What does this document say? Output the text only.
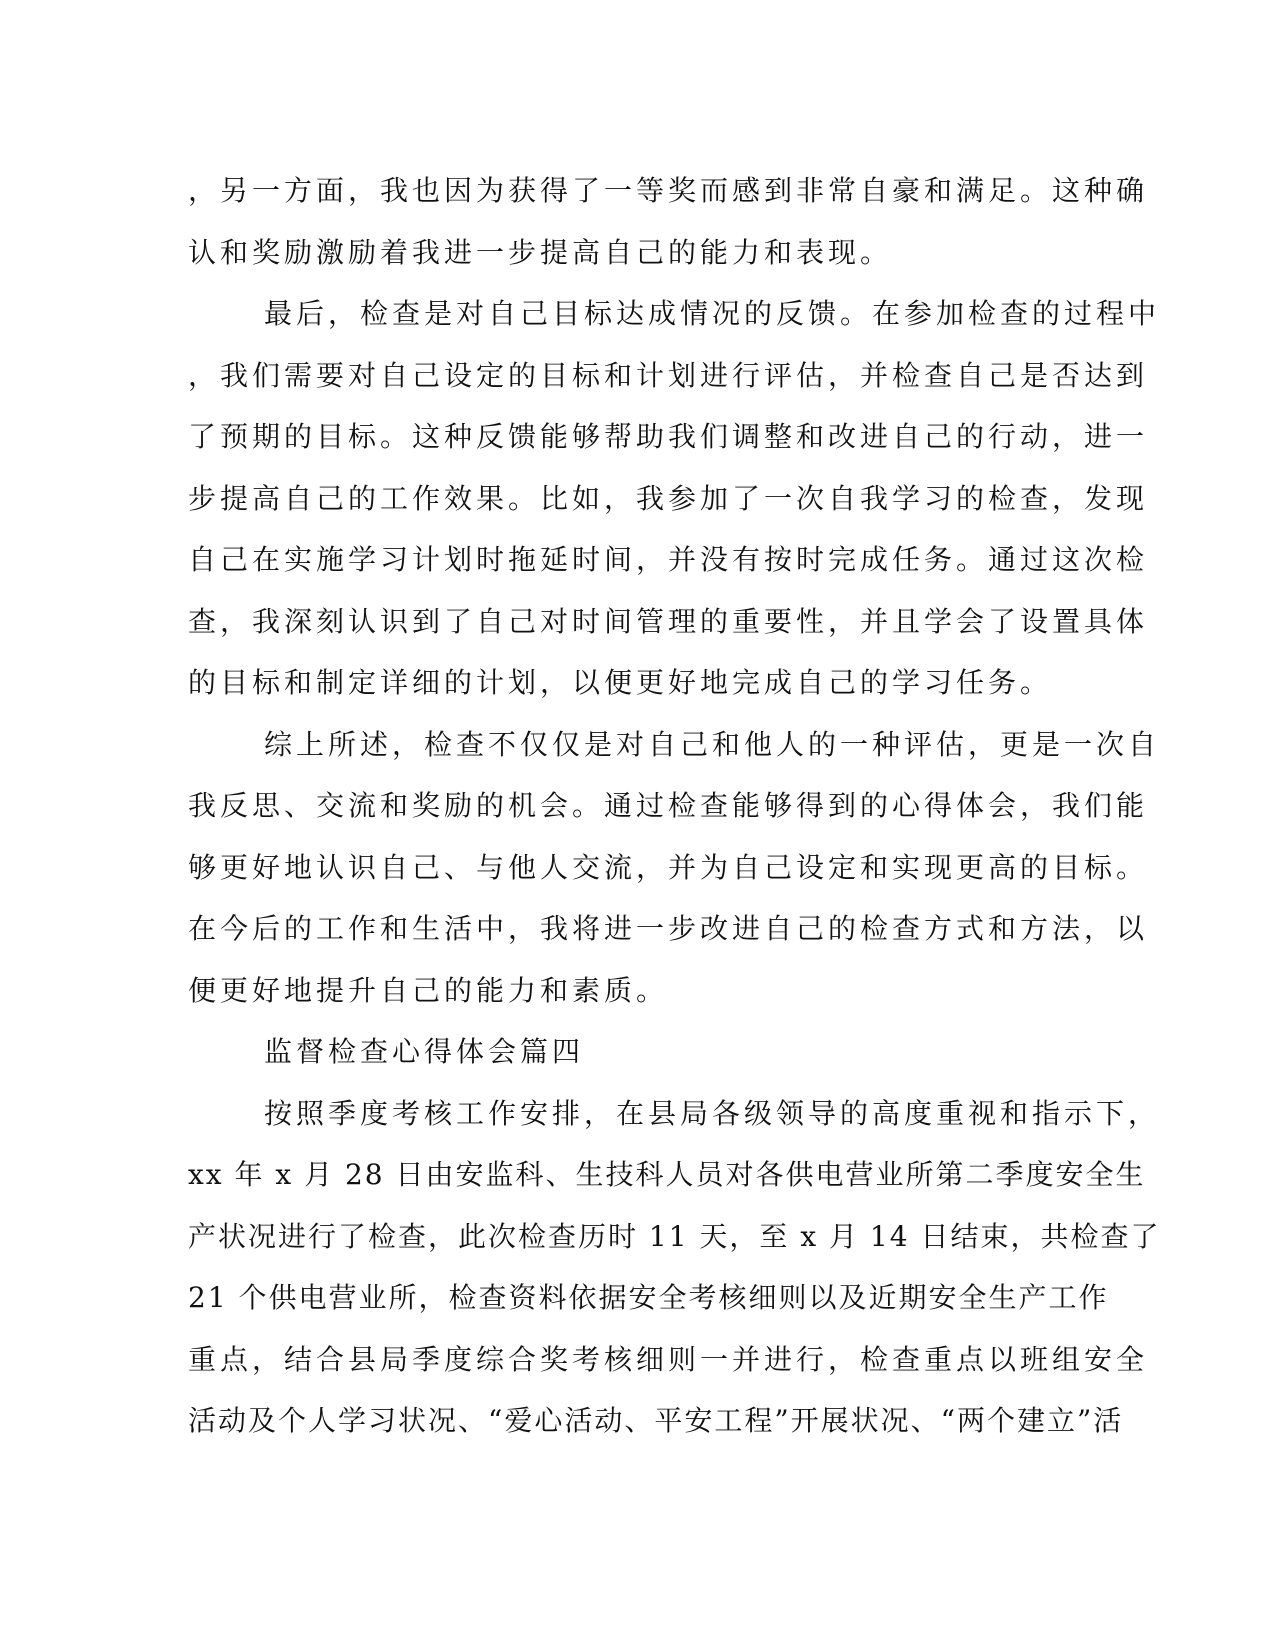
，另一方面，我也因为获得了一等奖而感到非常自豪和满足。这种确
认和奖励激励着我进一步提高自己的能力和表现。
最后，检查是对自己目标达成情况的反馈。在参加检查的过程中
，我们需要对自己设定的目标和计划进行评估，并检查自己是否达到
了预期的目标。这种反馈能够帮助我们调整和改进自己的行动，进一
步提高自己的工作效果。比如，我参加了一次自我学习的检查，发现
自己在实施学习计划时拖延时间，并没有按时完成任务。通过这次检
查，我深刻认识到了自己对时间管理的重要性，并且学会了设置具体
的目标和制定详细的计划，以便更好地完成自己的学习任务。
综上所述，检查不仅仅是对自己和他人的一种评估，更是一次自
我反思、交流和奖励的机会。通过检查能够得到的心得体会，我们能
够更好地认识自己、与他人交流，并为自己设定和实现更高的目标。
在今后的工作和生活中，我将进一步改进自己的检查方式和方法，以
便更好地提升自己的能力和素质。
监督检查心得体会篇四
按照季度考核工作安排，在县局各级领导的高度重视和指示下，
xx 年 x 月 28 日由安监科、生技科人员对各供电营业所第二季度安全生
产状况进行了检查，此次检查历时 11 天，至 x 月 14 日结束，共检查了
21 个供电营业所，检查资料依据安全考核细则以及近期安全生产工作
重点，结合县局季度综合奖考核细则一并进行，检查重点以班组安全
活动及个人学习状况、“爱心活动、平安工程”开展状况、“两个建立”活
